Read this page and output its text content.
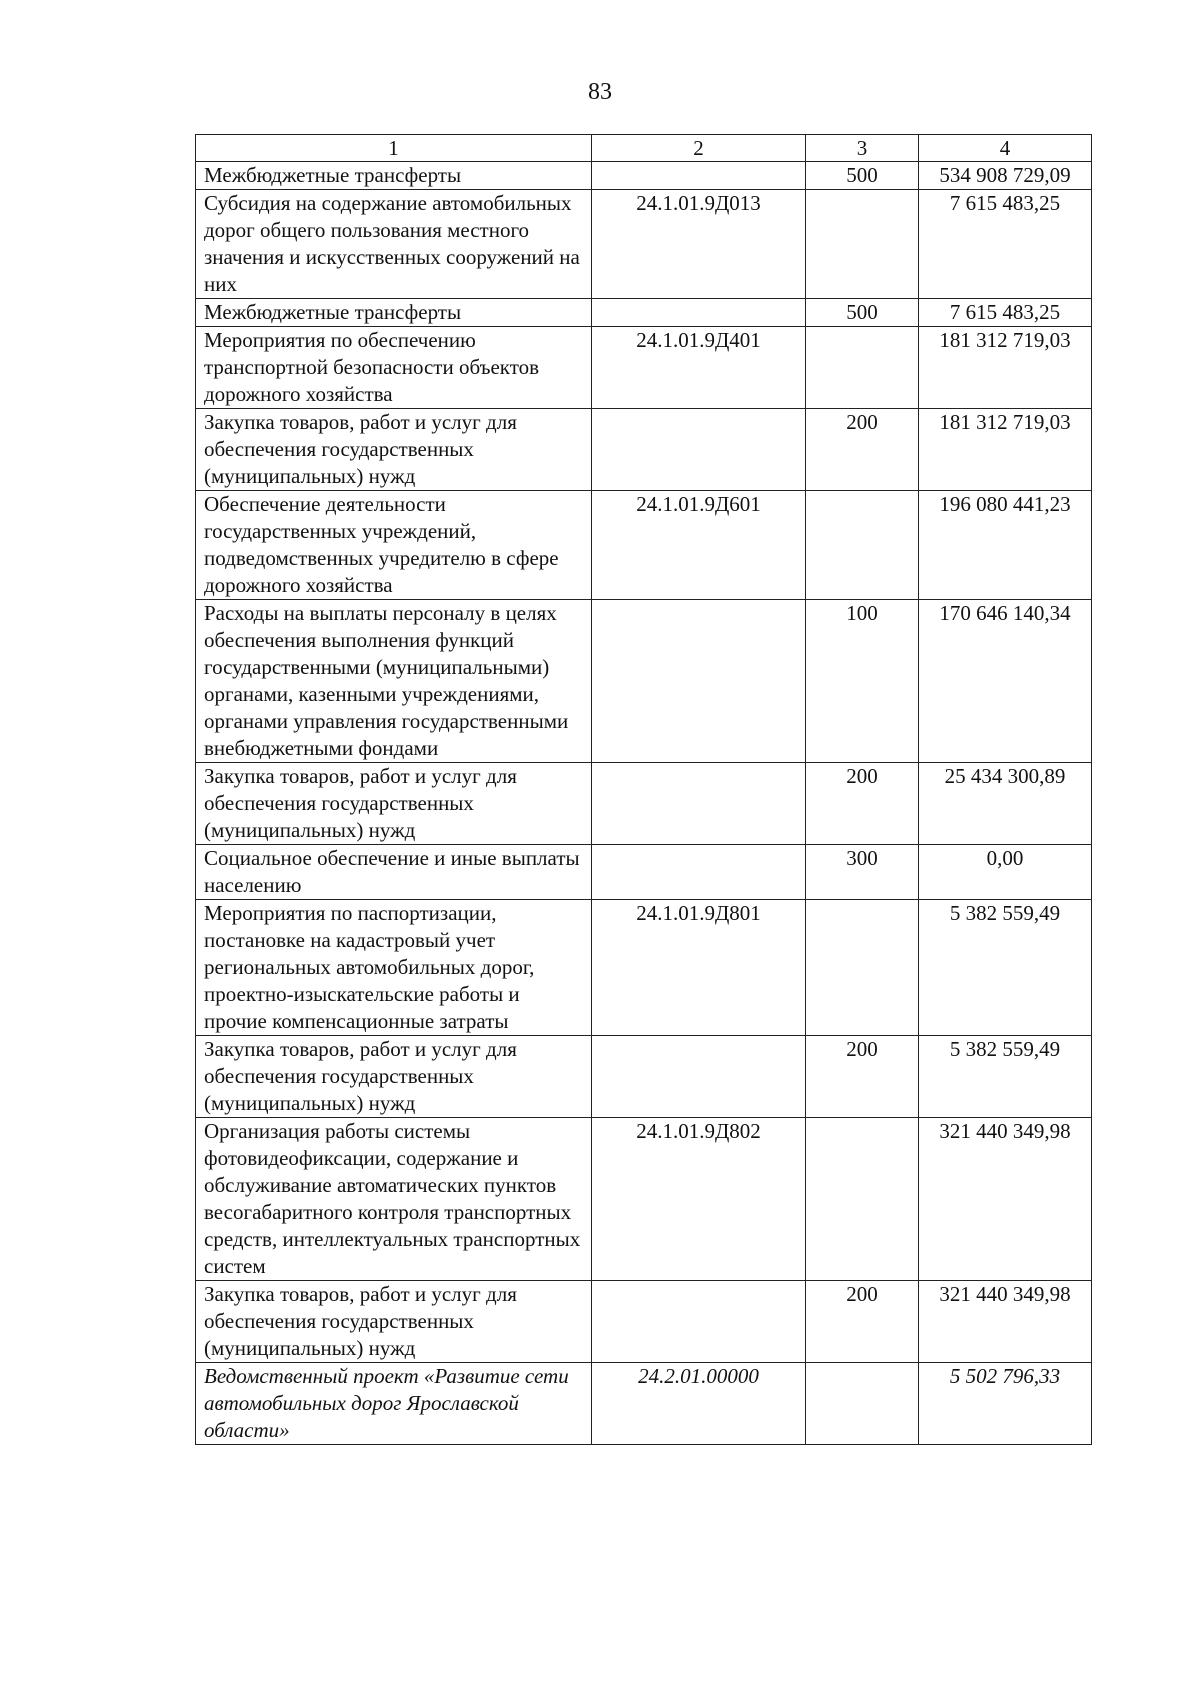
83
1	2	3	4
Межбюджетные трансферты		500	534 908 729,09
Субсидия на содержание автомобильных дорог общего пользования местного значения и искусственных сооружений на них	24.1.01.9Д013		7 615 483,25
Межбюджетные трансферты		500	7 615 483,25
Мероприятия по обеспечению транспортной безопасности объектов дорожного хозяйства	24.1.01.9Д401		181 312 719,03
Закупка товаров, работ и услуг для обеспечения государственных (муниципальных) нужд		200	181 312 719,03
Обеспечение деятельности государственных учреждений, подведомственных учредителю в сфере дорожного хозяйства	24.1.01.9Д601		196 080 441,23
Расходы на выплаты персоналу в целях обеспечения выполнения функций государственными (муниципальными) органами, казенными учреждениями, органами управления государственными внебюджетными фондами		100	170 646 140,34
Закупка товаров, работ и услуг для обеспечения государственных (муниципальных) нужд		200	25 434 300,89
Социальное обеспечение и иные выплаты населению		300	0,00
Мероприятия по паспортизации, постановке на кадастровый учет региональных автомобильных дорог, проектно-изыскательские работы и прочие компенсационные затраты	24.1.01.9Д801		5 382 559,49
Закупка товаров, работ и услуг для обеспечения государственных (муниципальных) нужд		200	5 382 559,49
Организация работы системы фотовидеофиксации, содержание и обслуживание автоматических пунктов весогабаритного контроля транспортных средств, интеллектуальных транспортных систем	24.1.01.9Д802		321 440 349,98
Закупка товаров, работ и услуг для обеспечения государственных (муниципальных) нужд		200	321 440 349,98
Ведомственный проект «Развитие сети автомобильных дорог Ярославской области»	24.2.01.00000		5 502 796,33
